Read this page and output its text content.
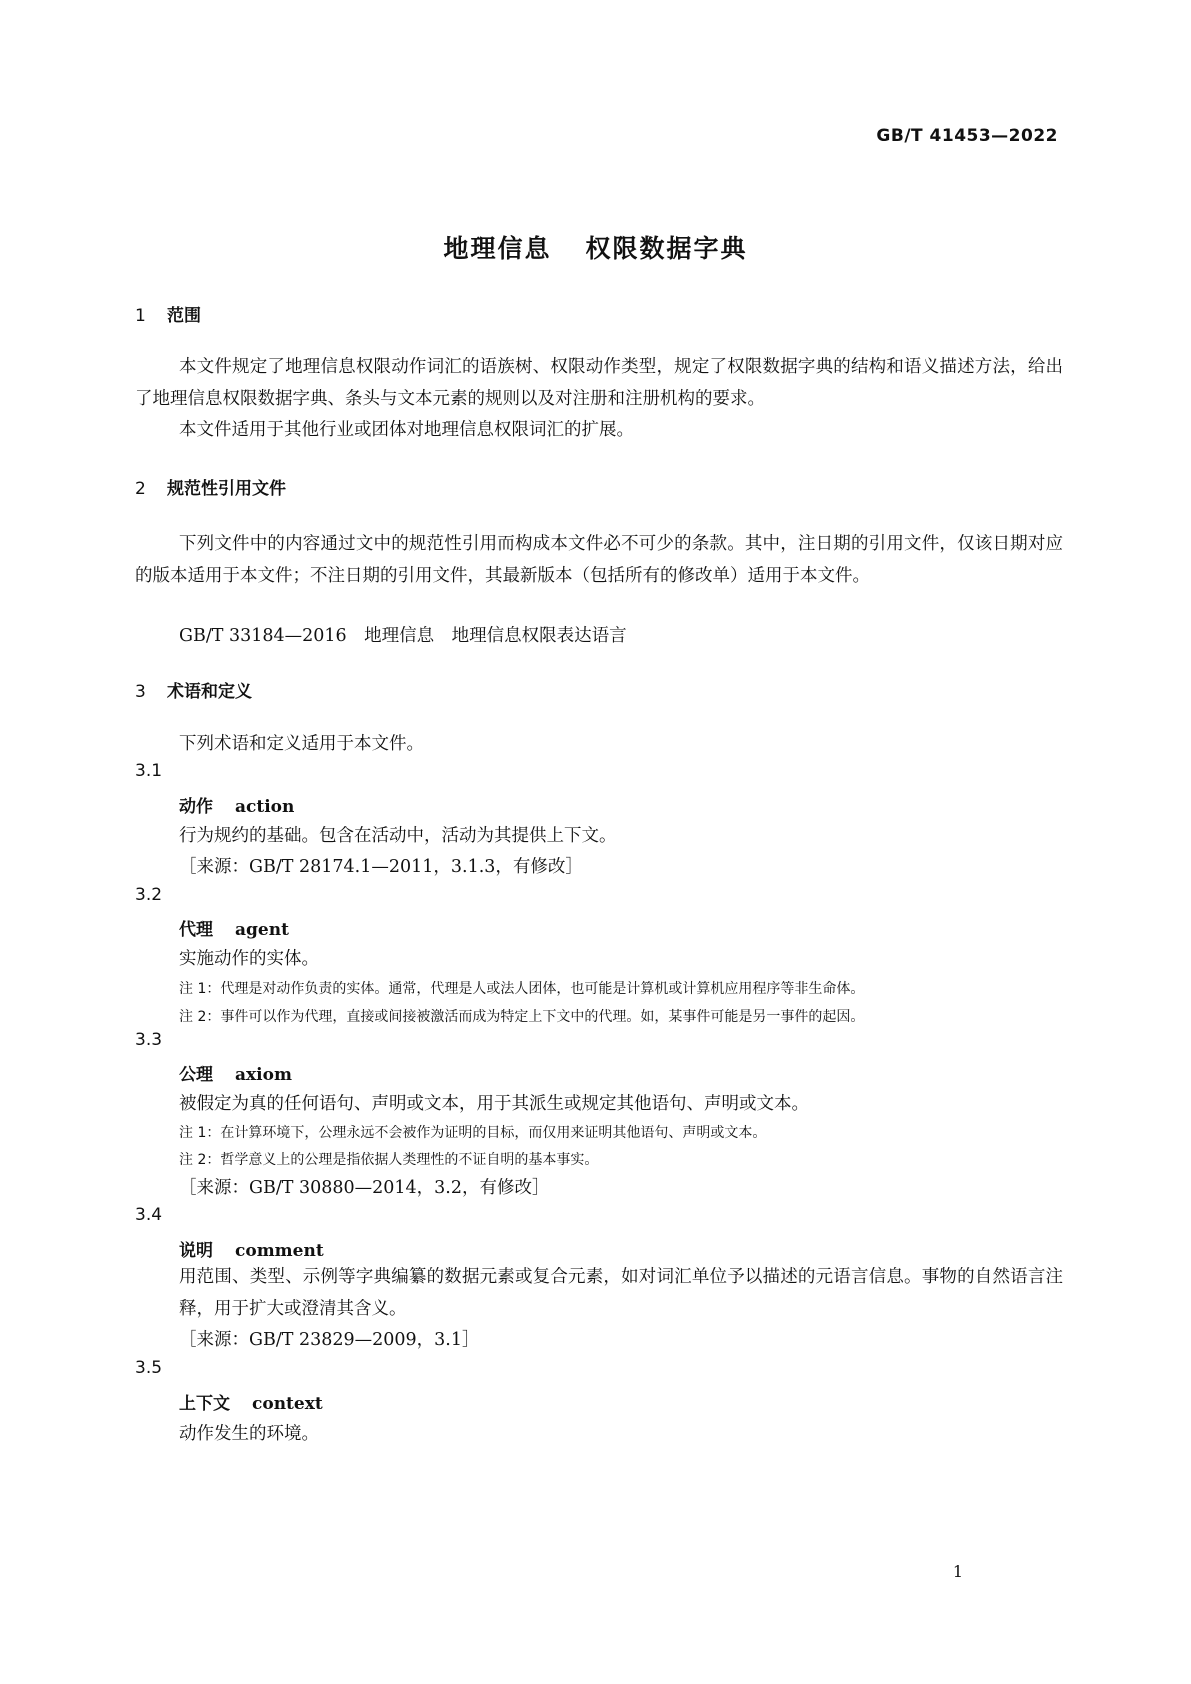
GB/T 41453—2022
地理信息 权限数据字典
1 范围
本文件规定了地理信息权限动作词汇的语族树、权限动作类型，规定了权限数据字典的结构和语义描述方法，给出了地理信息权限数据字典、条头与文本元素的规则以及对注册和注册机构的要求。
本文件适用于其他行业或团体对地理信息权限词汇的扩展。
2 规范性引用文件
下列文件中的内容通过文中的规范性引用而构成本文件必不可少的条款。其中，注日期的引用文件，仅该日期对应的版本适用于本文件；不注日期的引用文件，其最新版本（包括所有的修改单）适用于本文件。
GB/T 33184—2016　地理信息　地理信息权限表达语言
3 术语和定义
下列术语和定义适用于本文件。
3.1
动作 action
行为规约的基础。包含在活动中，活动为其提供上下文。
［来源：GB/T 28174.1—2011，3.1.3，有修改］
3.2
代理 agent
实施动作的实体。
注 1：代理是对动作负责的实体。通常，代理是人或法人团体，也可能是计算机或计算机应用程序等非生命体。
注 2：事件可以作为代理，直接或间接被激活而成为特定上下文中的代理。如，某事件可能是另一事件的起因。
3.3
公理 axiom
被假定为真的任何语句、声明或文本，用于其派生或规定其他语句、声明或文本。
注 1：在计算环境下，公理永远不会被作为证明的目标，而仅用来证明其他语句、声明或文本。
注 2：哲学意义上的公理是指依据人类理性的不证自明的基本事实。
［来源：GB/T 30880—2014，3.2，有修改］
3.4
说明 comment
用范围、类型、示例等字典编纂的数据元素或复合元素，如对词汇单位予以描述的元语言信息。事物的自然语言注释，用于扩大或澄清其含义。
［来源：GB/T 23829—2009，3.1］
3.5
上下文 context
动作发生的环境。
1
